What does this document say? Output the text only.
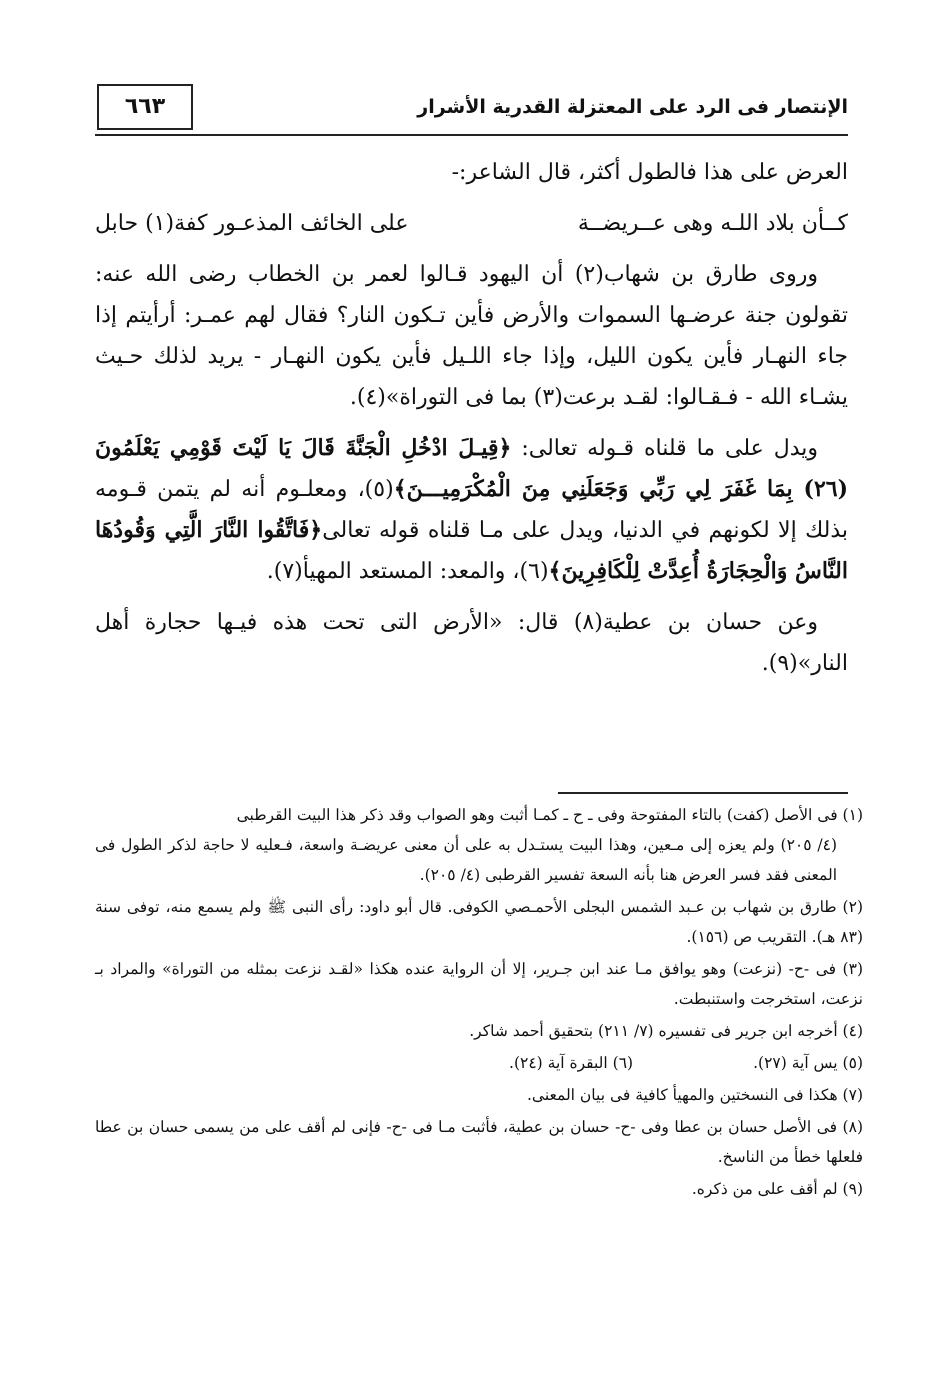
الإنتصار فى الرد على المعتزلة القدرية الأشرار
٦٦٣

العرض على هذا فالطول أكثر، قال الشاعر:-

كــأن بلاد اللـه وهى عــريضــة
على الخائف المذعـور كفة(١) حابل

وروى طارق بن شهاب(٢) أن اليهود قـالوا لعمر بن الخطاب رضى الله عنه: تقولون جنة عرضـها السموات والأرض فأين تـكون النار؟ فقال لهم عمـر: أرأيتم إذا جاء النهـار فأين يكون الليل، وإذا جاء اللـيل فأين يكون النهـار - يريد لذلك حـيث يشـاء الله - فـقـالوا: لقـد برعت(٣) بما فى التوراة»(٤).

ويدل على ما قلناه قـوله تعالى: ﴿قِيـلَ ادْخُلِ الْجَنَّةَ قَالَ يَا لَيْتَ قَوْمِي يَعْلَمُونَ (٢٦) بِمَا غَفَرَ لِي رَبِّي وَجَعَلَنِي مِنَ الْمُكْرَمِيـــنَ﴾(٥)، ومعلـوم أنه لم يتمن قـومه بذلك إلا لكونهم في الدنيا، ويدل على مـا قلناه قوله تعالى﴿فَاتَّقُوا النَّارَ الَّتِي وَقُودُهَا النَّاسُ وَالْحِجَارَةُ أُعِدَّتْ لِلْكَافِرِينَ﴾(٦)، والمعد: المستعد المهيأ(٧).

وعن حسان بن عطية(٨) قال: «الأرض التى تحت هذه فيـها حجارة أهل النار»(٩).

(١) فى الأصل (كفت) بالتاء المفتوحة وفى ـ ح ـ كمـا أثبت وهو الصواب وقد ذكر هذا البيت القرطبى
(٤/ ٢٠٥) ولم يعزه إلى مـعين، وهذا البيت يستـدل به على أن معنى عريضـة واسعة، فـعليه لا حاجة لذكر الطول فى المعنى فقد فسر العرض هنا بأنه السعة تفسير القرطبى (٤/ ٢٠٥).
(٢) طارق بن شهاب بن عـبد الشمس البجلى الأحمـصي الكوفى. قال أبو داود: رأى النبى ﷺ ولم يسمع منه، توفى سنة (٨٣ هـ). التقريب ص (١٥٦).
(٣) فى -ح- (نزعت) وهو يوافق مـا عند ابن جـرير، إلا أن الرواية عنده هكذا «لقـد نزعت بمثله من التوراة» والمراد بـ نزعت، استخرجت واستنبطت.
(٤) أخرجه ابن جرير فى تفسيره (٧/ ٢١١) بتحقيق أحمد شاكر.
(٥) يس آية (٢٧).
(٦) البقرة آية (٢٤).
(٧) هكذا فى النسختين والمهيأ كافية فى بيان المعنى.
(٨) فى الأصل حسان بن عطا وفى -ح- حسان بن عطية، فأثبت مـا فى -ح- فإنى لم أقف على من يسمى حسان بن عطا فلعلها خطأ من الناسخ.
(٩) لم أقف على من ذكره.
